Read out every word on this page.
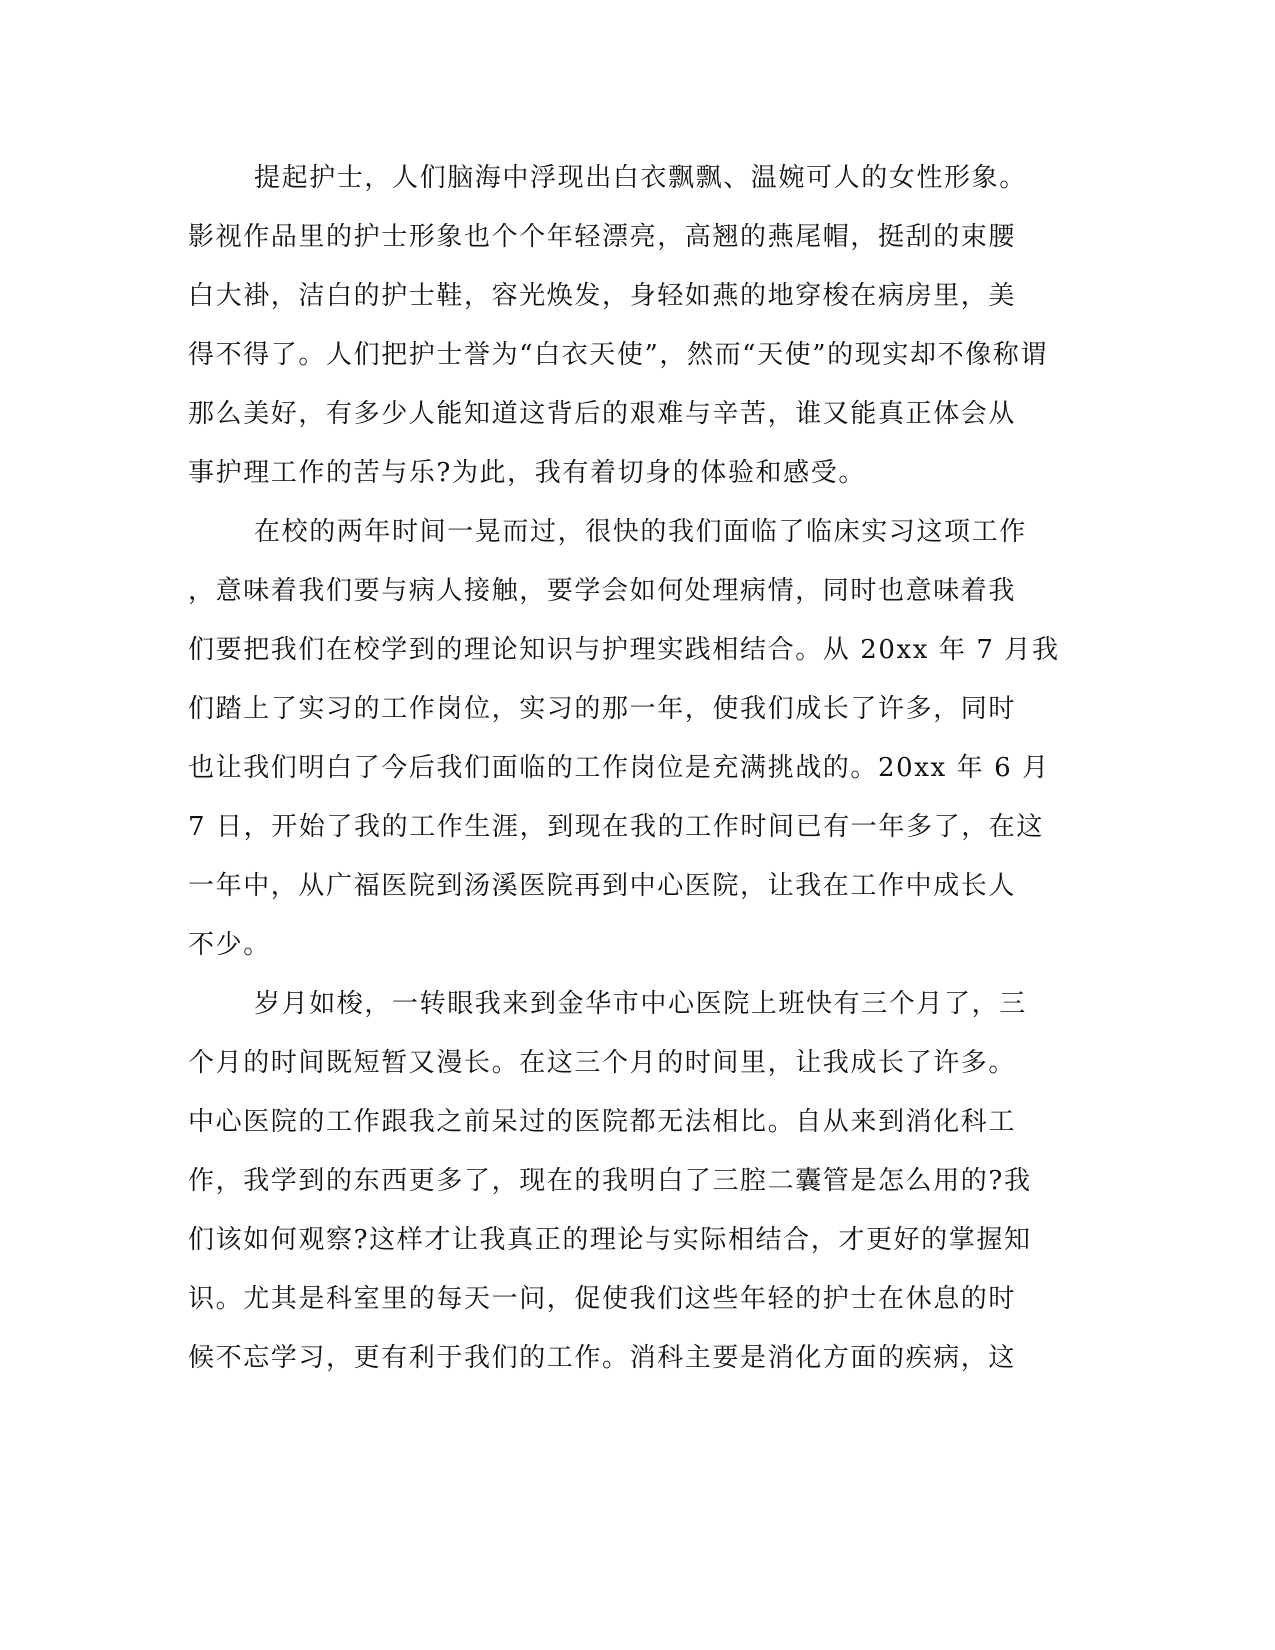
提起护士，人们脑海中浮现出白衣飘飘、温婉可人的女性形象。
影视作品里的护士形象也个个年轻漂亮，高翘的燕尾帽，挺刮的束腰
白大褂，洁白的护士鞋，容光焕发，身轻如燕的地穿梭在病房里，美
得不得了。人们把护士誉为“白衣天使”，然而“天使”的现实却不像称谓
那么美好，有多少人能知道这背后的艰难与辛苦，谁又能真正体会从
事护理工作的苦与乐?为此，我有着切身的体验和感受。
在校的两年时间一晃而过，很快的我们面临了临床实习这项工作
，意味着我们要与病人接触，要学会如何处理病情，同时也意味着我
们要把我们在校学到的理论知识与护理实践相结合。从 20xx 年 7 月我
们踏上了实习的工作岗位，实习的那一年，使我们成长了许多，同时
也让我们明白了今后我们面临的工作岗位是充满挑战的。20xx 年 6 月
7 日，开始了我的工作生涯，到现在我的工作时间已有一年多了，在这
一年中，从广福医院到汤溪医院再到中心医院，让我在工作中成长人
不少。
岁月如梭，一转眼我来到金华市中心医院上班快有三个月了，三
个月的时间既短暂又漫长。在这三个月的时间里，让我成长了许多。
中心医院的工作跟我之前呆过的医院都无法相比。自从来到消化科工
作，我学到的东西更多了，现在的我明白了三腔二囊管是怎么用的?我
们该如何观察?这样才让我真正的理论与实际相结合，才更好的掌握知
识。尤其是科室里的每天一问，促使我们这些年轻的护士在休息的时
候不忘学习，更有利于我们的工作。消科主要是消化方面的疾病，这
